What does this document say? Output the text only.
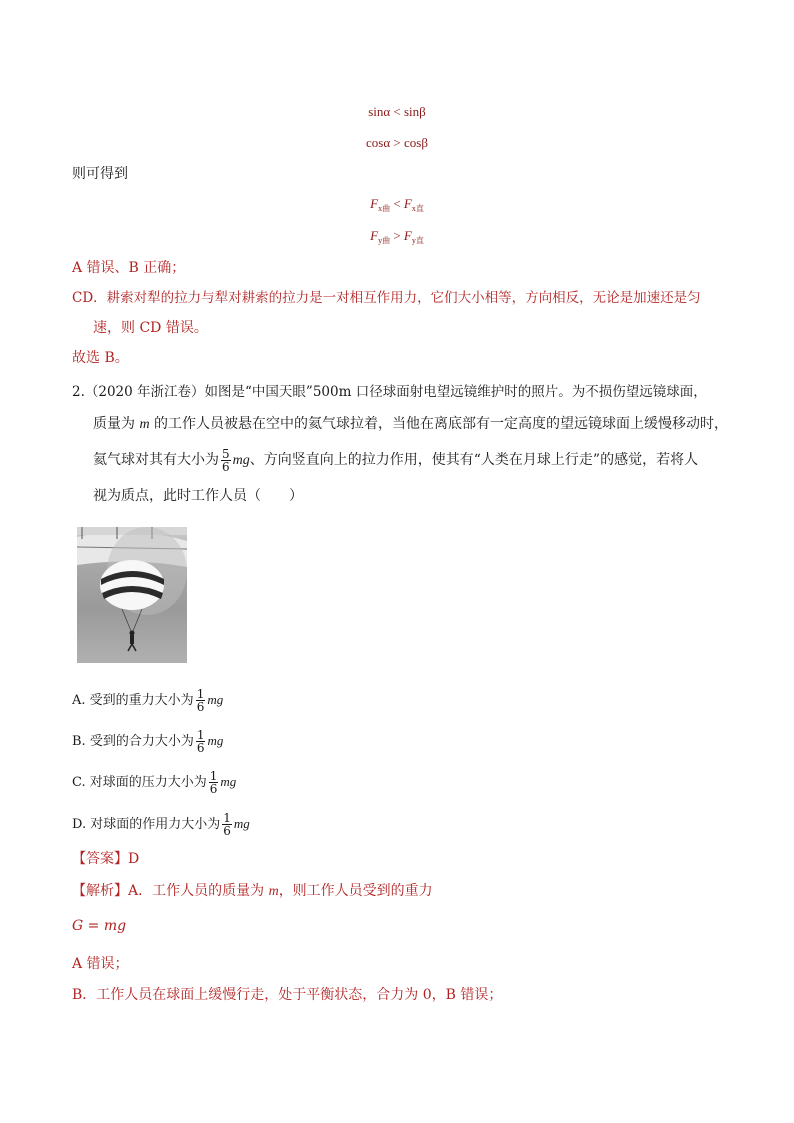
sinα < sinβ
cosα > cosβ
则可得到
$F_{x曲} < F_{x直}$
$F_{y曲} > F_{y直}$
A 错误、B 正确；
CD．耕索对犁的拉力与犁对耕索的拉力是一对相互作用力，它们大小相等，方向相反，无论是加速还是匀
速，则 CD 错误。
故选 B。
2.（2020 年浙江卷）如图是“中国天眼”500m 口径球面射电望远镜维护时的照片。为不损伤望远镜球面，
质量为 m 的工作人员被悬在空中的氦气球拉着，当他在离底部有一定高度的望远镜球面上缓慢移动时，
氦气球对其有大小为 $\frac{5}{6}$ mg、方向竖直向上的拉力作用，使其有“人类在月球上行走”的感觉，若将人
视为质点，此时工作人员（　　）
A. 受到的重力大小为 $\frac{1}{6}$ mg
B. 受到的合力大小为 $\frac{1}{6}$ mg
C. 对球面的压力大小为 $\frac{1}{6}$ mg
D. 对球面的作用力大小为 $\frac{1}{6}$ mg
【答案】D
【解析】A．工作人员的质量为 m，则工作人员受到的重力
G = mg
A 错误；
B．工作人员在球面上缓慢行走，处于平衡状态，合力为 0，B 错误；
